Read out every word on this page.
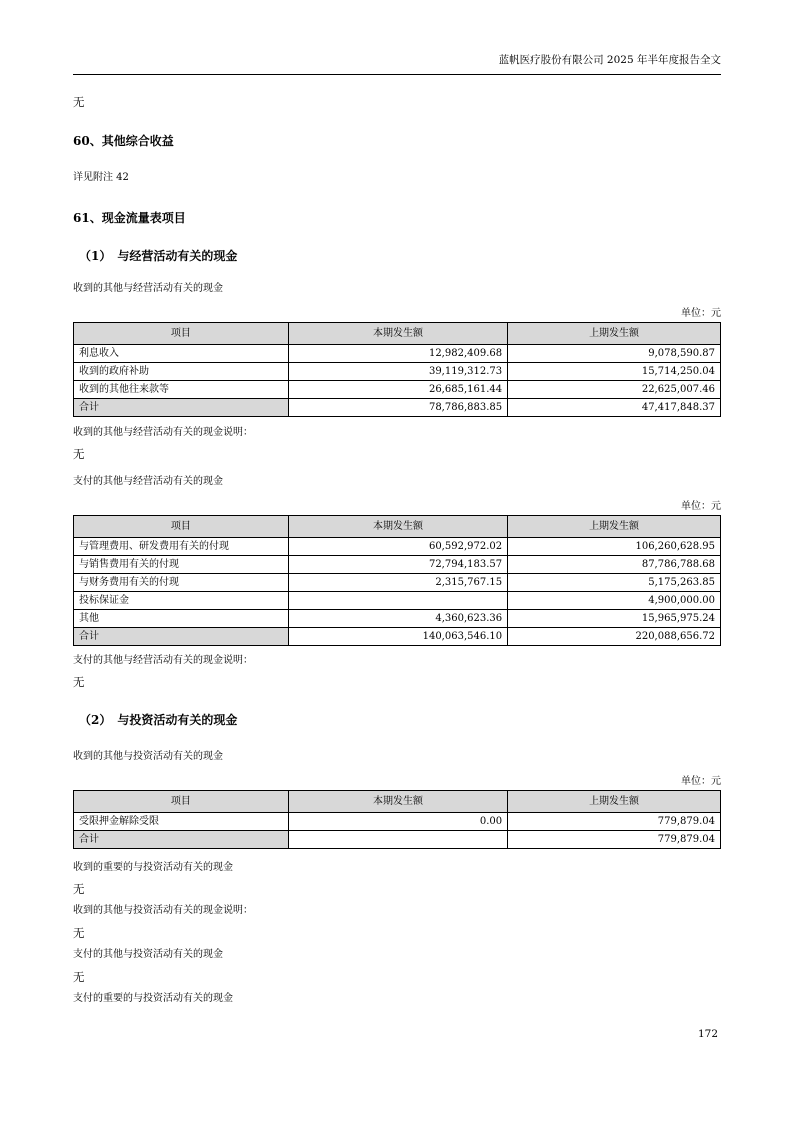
蓝帆医疗股份有限公司 2025 年半年度报告全文
无
60、其他综合收益
详见附注 42
61、现金流量表项目
（1）　与经营活动有关的现金
收到的其他与经营活动有关的现金
单位：元
项目	本期发生额	上期发生额
利息收入	12,982,409.68	9,078,590.87
收到的政府补助	39,119,312.73	15,714,250.04
收到的其他往来款等	26,685,161.44	22,625,007.46
合计	78,786,883.85	47,417,848.37
收到的其他与经营活动有关的现金说明：
无
支付的其他与经营活动有关的现金
单位：元
项目	本期发生额	上期发生额
与管理费用、研发费用有关的付现	60,592,972.02	106,260,628.95
与销售费用有关的付现	72,794,183.57	87,786,788.68
与财务费用有关的付现	2,315,767.15	5,175,263.85
投标保证金		4,900,000.00
其他	4,360,623.36	15,965,975.24
合计	140,063,546.10	220,088,656.72
支付的其他与经营活动有关的现金说明：
无
（2）　与投资活动有关的现金
收到的其他与投资活动有关的现金
单位：元
项目	本期发生额	上期发生额
受限押金解除受限	0.00	779,879.04
合计		779,879.04
收到的重要的与投资活动有关的现金
无
收到的其他与投资活动有关的现金说明：
无
支付的其他与投资活动有关的现金
无
支付的重要的与投资活动有关的现金
172
